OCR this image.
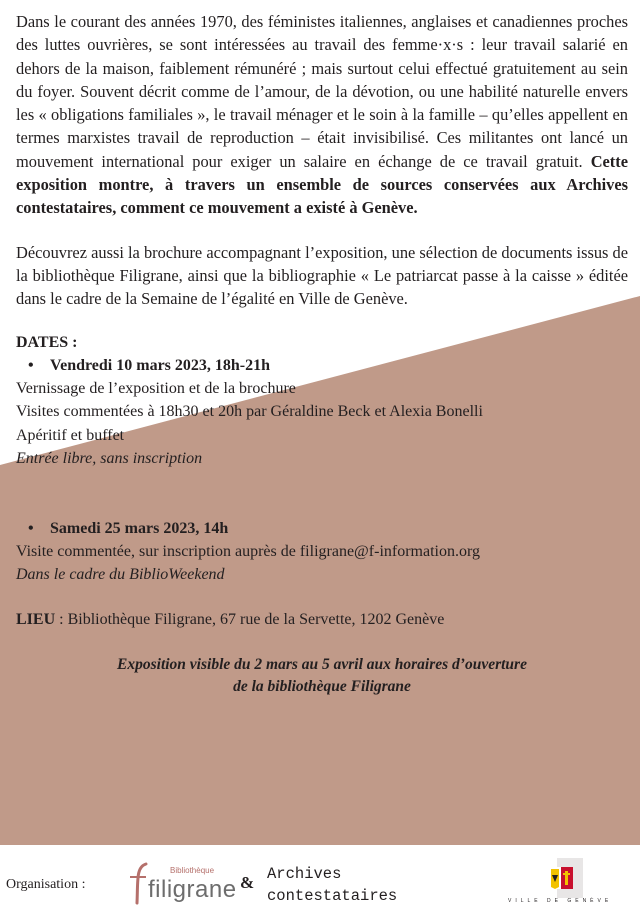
Dans le courant des années 1970, des féministes italiennes, anglaises et canadiennes proches des luttes ouvrières, se sont intéressées au travail des femme·x·s : leur travail salarié en dehors de la maison, faiblement rémunéré ; mais surtout celui effectué gratuitement au sein du foyer. Souvent décrit comme de l’amour, de la dévotion, ou une habilité naturelle envers les « obligations familiales », le travail ménager et le soin à la famille – qu’elles appellent en termes marxistes travail de reproduction – était invisibilisé. Ces militantes ont lancé un mouvement international pour exiger un salaire en échange de ce travail gratuit. Cette exposition montre, à travers un ensemble de sources conservées aux Archives contestataires, comment ce mouvement a existé à Genève.

Découvrez aussi la brochure accompagnant l’exposition, une sélection de documents issus de la bibliothèque Filigrane, ainsi que la bibliographie « Le patriarcat passe à la caisse » éditée dans le cadre de la Semaine de l’égalité en Ville de Genève.

DATES :
• Vendredi 10 mars 2023, 18h-21h
Vernissage de l’exposition et de la brochure
Visites commentées à 18h30 et 20h par Géraldine Beck et Alexia Bonelli
Apéritif et buffet
Entrée libre, sans inscription
• Samedi 25 mars 2023, 14h
Visite commentée, sur inscription auprès de filigrane@f-information.org
Dans le cadre du BiblioWeekend
LIEU : Bibliothèque Filigrane, 67 rue de la Servette, 1202 Genève
Exposition visible du 2 mars au 5 avril aux horaires d’ouverture
de la bibliothèque Filigrane
Organisation :
Bibliothèque
filigrane & Archives
contestataires	VILLE DE GENÈVE
